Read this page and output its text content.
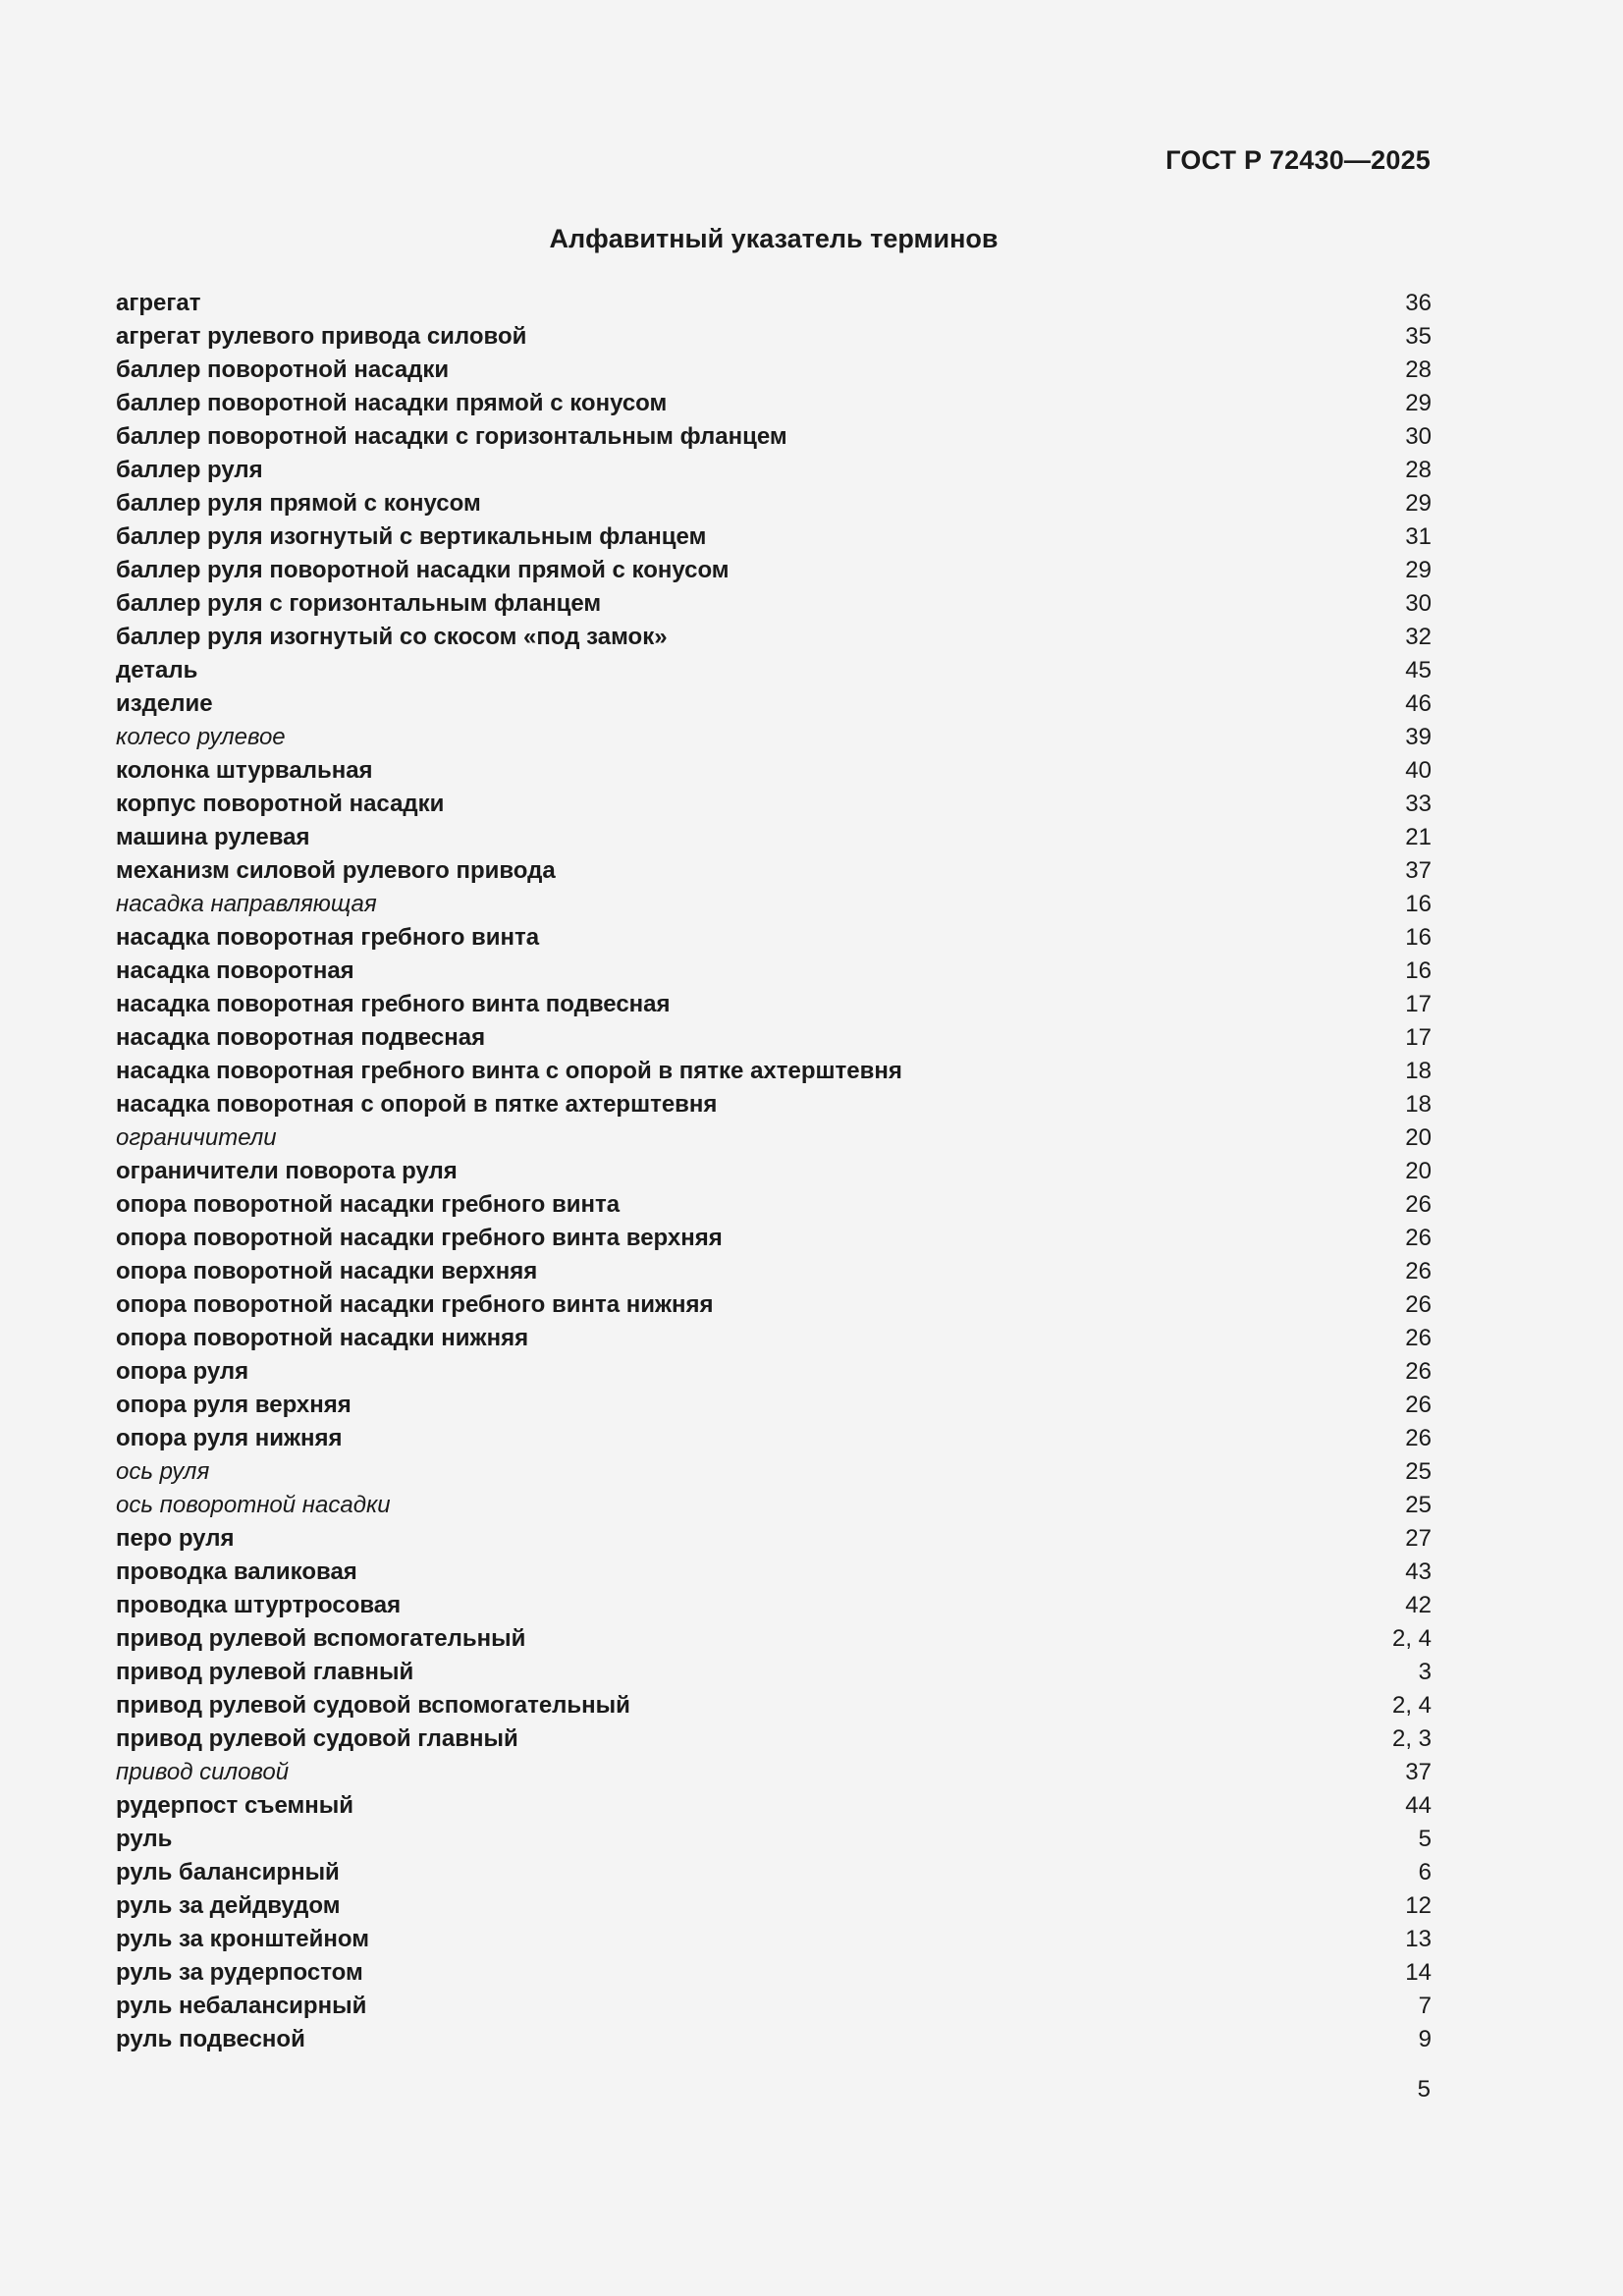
ГОСТ Р 72430—2025
Алфавитный указатель терминов
агрегат	36
агрегат рулевого привода силовой	35
баллер поворотной насадки	28
баллер поворотной насадки прямой с конусом	29
баллер поворотной насадки с горизонтальным фланцем	30
баллер руля	28
баллер руля прямой с конусом	29
баллер руля изогнутый с вертикальным фланцем	31
баллер руля поворотной насадки прямой с конусом	29
баллер руля с горизонтальным фланцем	30
баллер руля изогнутый со скосом «под замок»	32
деталь	45
изделие	46
колесо рулевое	39
колонка штурвальная	40
корпус поворотной насадки	33
машина рулевая	21
механизм силовой рулевого привода	37
насадка направляющая	16
насадка поворотная гребного винта	16
насадка поворотная	16
насадка поворотная гребного винта подвесная	17
насадка поворотная подвесная	17
насадка поворотная гребного винта с опорой в пятке ахтерштевня	18
насадка поворотная с опорой в пятке ахтерштевня	18
ограничители	20
ограничители поворота руля	20
опора поворотной насадки гребного винта	26
опора поворотной насадки гребного винта верхняя	26
опора поворотной насадки верхняя	26
опора поворотной насадки гребного винта нижняя	26
опора поворотной насадки нижняя	26
опора руля	26
опора руля верхняя	26
опора руля нижняя	26
ось руля	25
ось поворотной насадки	25
перо руля	27
проводка валиковая	43
проводка штуртросовая	42
привод рулевой вспомогательный	2, 4
привод рулевой главный	3
привод рулевой судовой вспомогательный	2, 4
привод рулевой судовой главный	2, 3
привод силовой	37
рудерпост съемный	44
руль	5
руль балансирный	6
руль за дейдвудом	12
руль за кронштейном	13
руль за рудерпостом	14
руль небалансирный	7
руль подвесной	9
5
